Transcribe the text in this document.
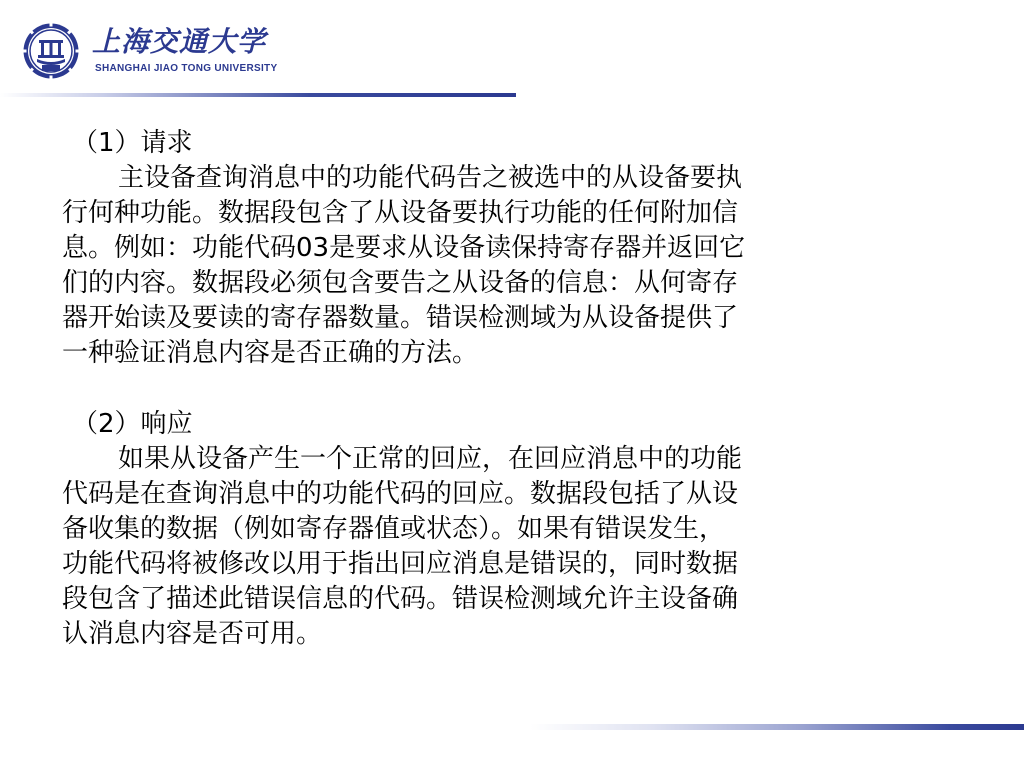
上海交通大学
SHANGHAI JIAO TONG UNIVERSITY

（1）请求

主设备查询消息中的功能代码告之被选中的从设备要执

行何种功能。数据段包含了从设备要执行功能的任何附加信

息。例如：功能代码03是要求从设备读保持寄存器并返回它

们的内容。数据段必须包含要告之从设备的信息：从何寄存

器开始读及要读的寄存器数量。错误检测域为从设备提供了

一种验证消息内容是否正确的方法。

（2）响应

如果从设备产生一个正常的回应，在回应消息中的功能

代码是在查询消息中的功能代码的回应。数据段包括了从设

备收集的数据（例如寄存器值或状态）。如果有错误发生，

功能代码将被修改以用于指出回应消息是错误的，同时数据

段包含了描述此错误信息的代码。错误检测域允许主设备确

认消息内容是否可用。
